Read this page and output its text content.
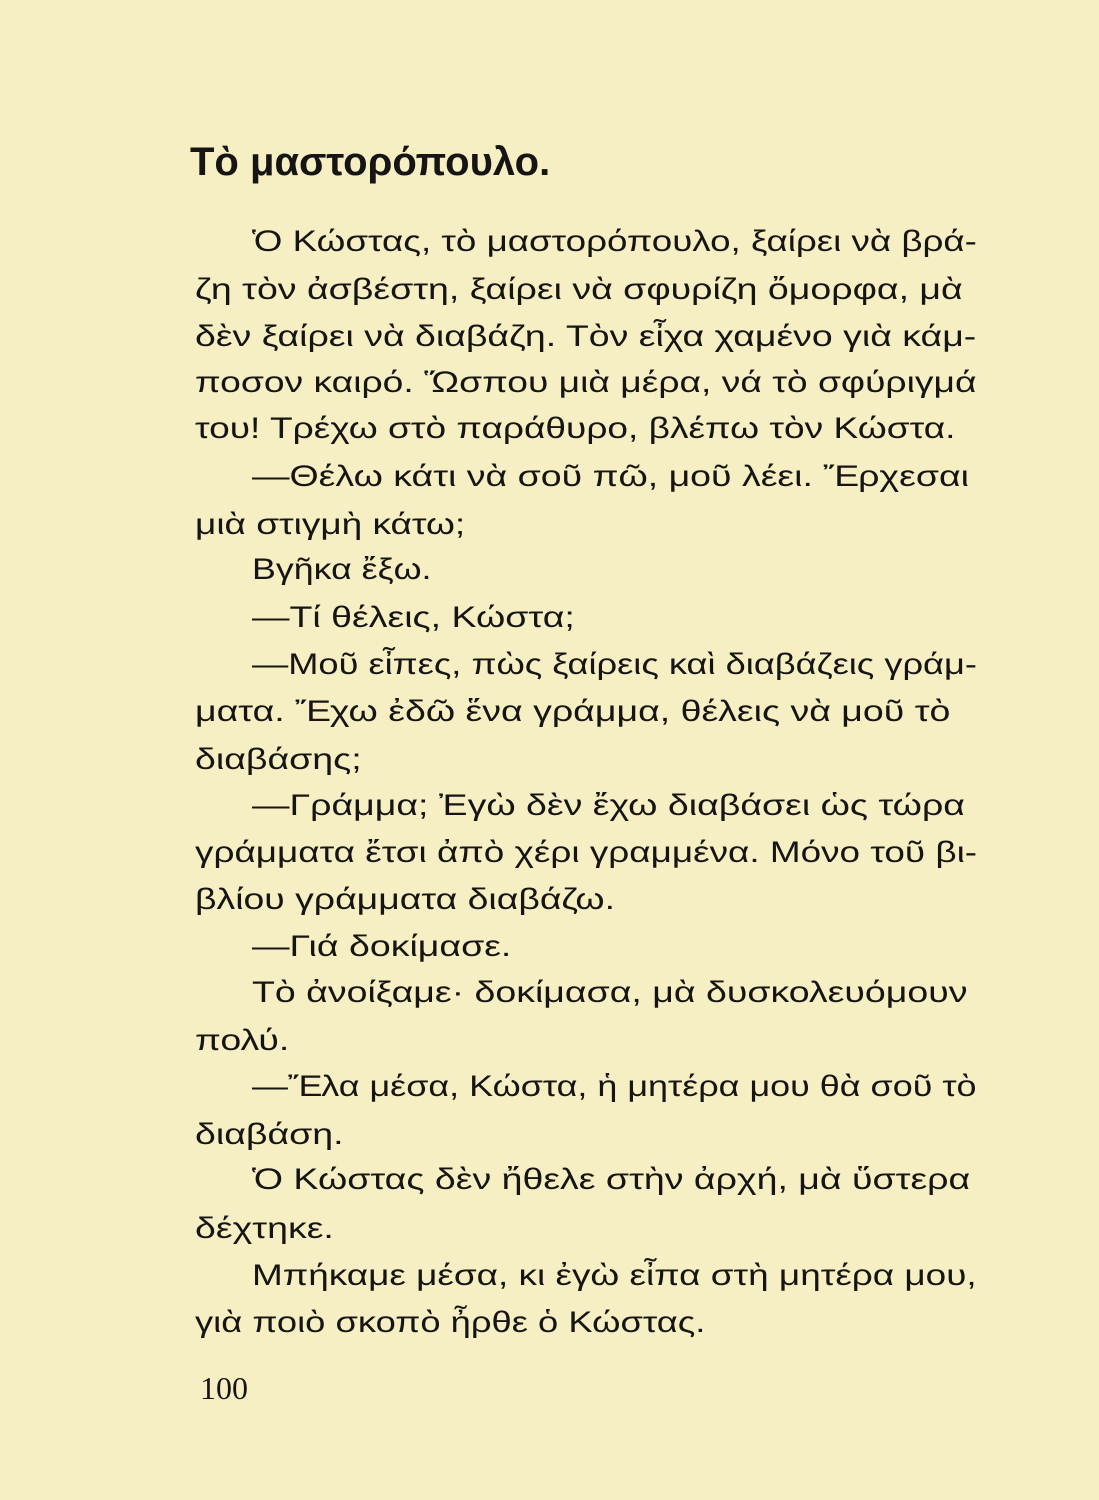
Τὸ μαστορόπουλο.
Ὁ Κώστας, τὸ μαστορόπουλο, ξαίρει νὰ βρά-
ζη τὸν ἀσβέστη, ξαίρει νὰ σφυρίζη ὄμορφα, μὰ
δὲν ξαίρει νὰ διαβάζη. Τὸν εἶχα χαμένο γιὰ κάμ-
ποσον καιρό. Ὥσπου μιὰ μέρα, νά τὸ σφύριγμά
του! Τρέχω στὸ παράθυρο, βλέπω τὸν Κώστα.
—Θέλω κάτι νὰ σοῦ πῶ, μοῦ λέει. Ἔρχεσαι
μιὰ στιγμὴ κάτω;
Βγῆκα ἔξω.
—Τί θέλεις, Κώστα;
—Μοῦ εἶπες, πὼς ξαίρεις καὶ διαβάζεις γράμ-
ματα. Ἔχω ἐδῶ ἕνα γράμμα, θέλεις νὰ μοῦ τὸ
διαβάσης;
—Γράμμα; Ἐγὼ δὲν ἔχω διαβάσει ὡς τώρα
γράμματα ἔτσι ἀπὸ χέρι γραμμένα. Μόνο τοῦ βι-
βλίου γράμματα διαβάζω.
—Γιά δοκίμασε.
Τὸ ἀνοίξαμε· δοκίμασα, μὰ δυσκολευόμουν
πολύ.
—Ἔλα μέσα, Κώστα, ἡ μητέρα μου θὰ σοῦ τὸ
διαβάση.
Ὁ Κώστας δὲν ἤθελε στὴν ἀρχή, μὰ ὕστερα
δέχτηκε.
Μπήκαμε μέσα, κι ἐγὼ εἶπα στὴ μητέρα μου,
γιὰ ποιὸ σκοπὸ ἦρθε ὁ Κώστας.
100
